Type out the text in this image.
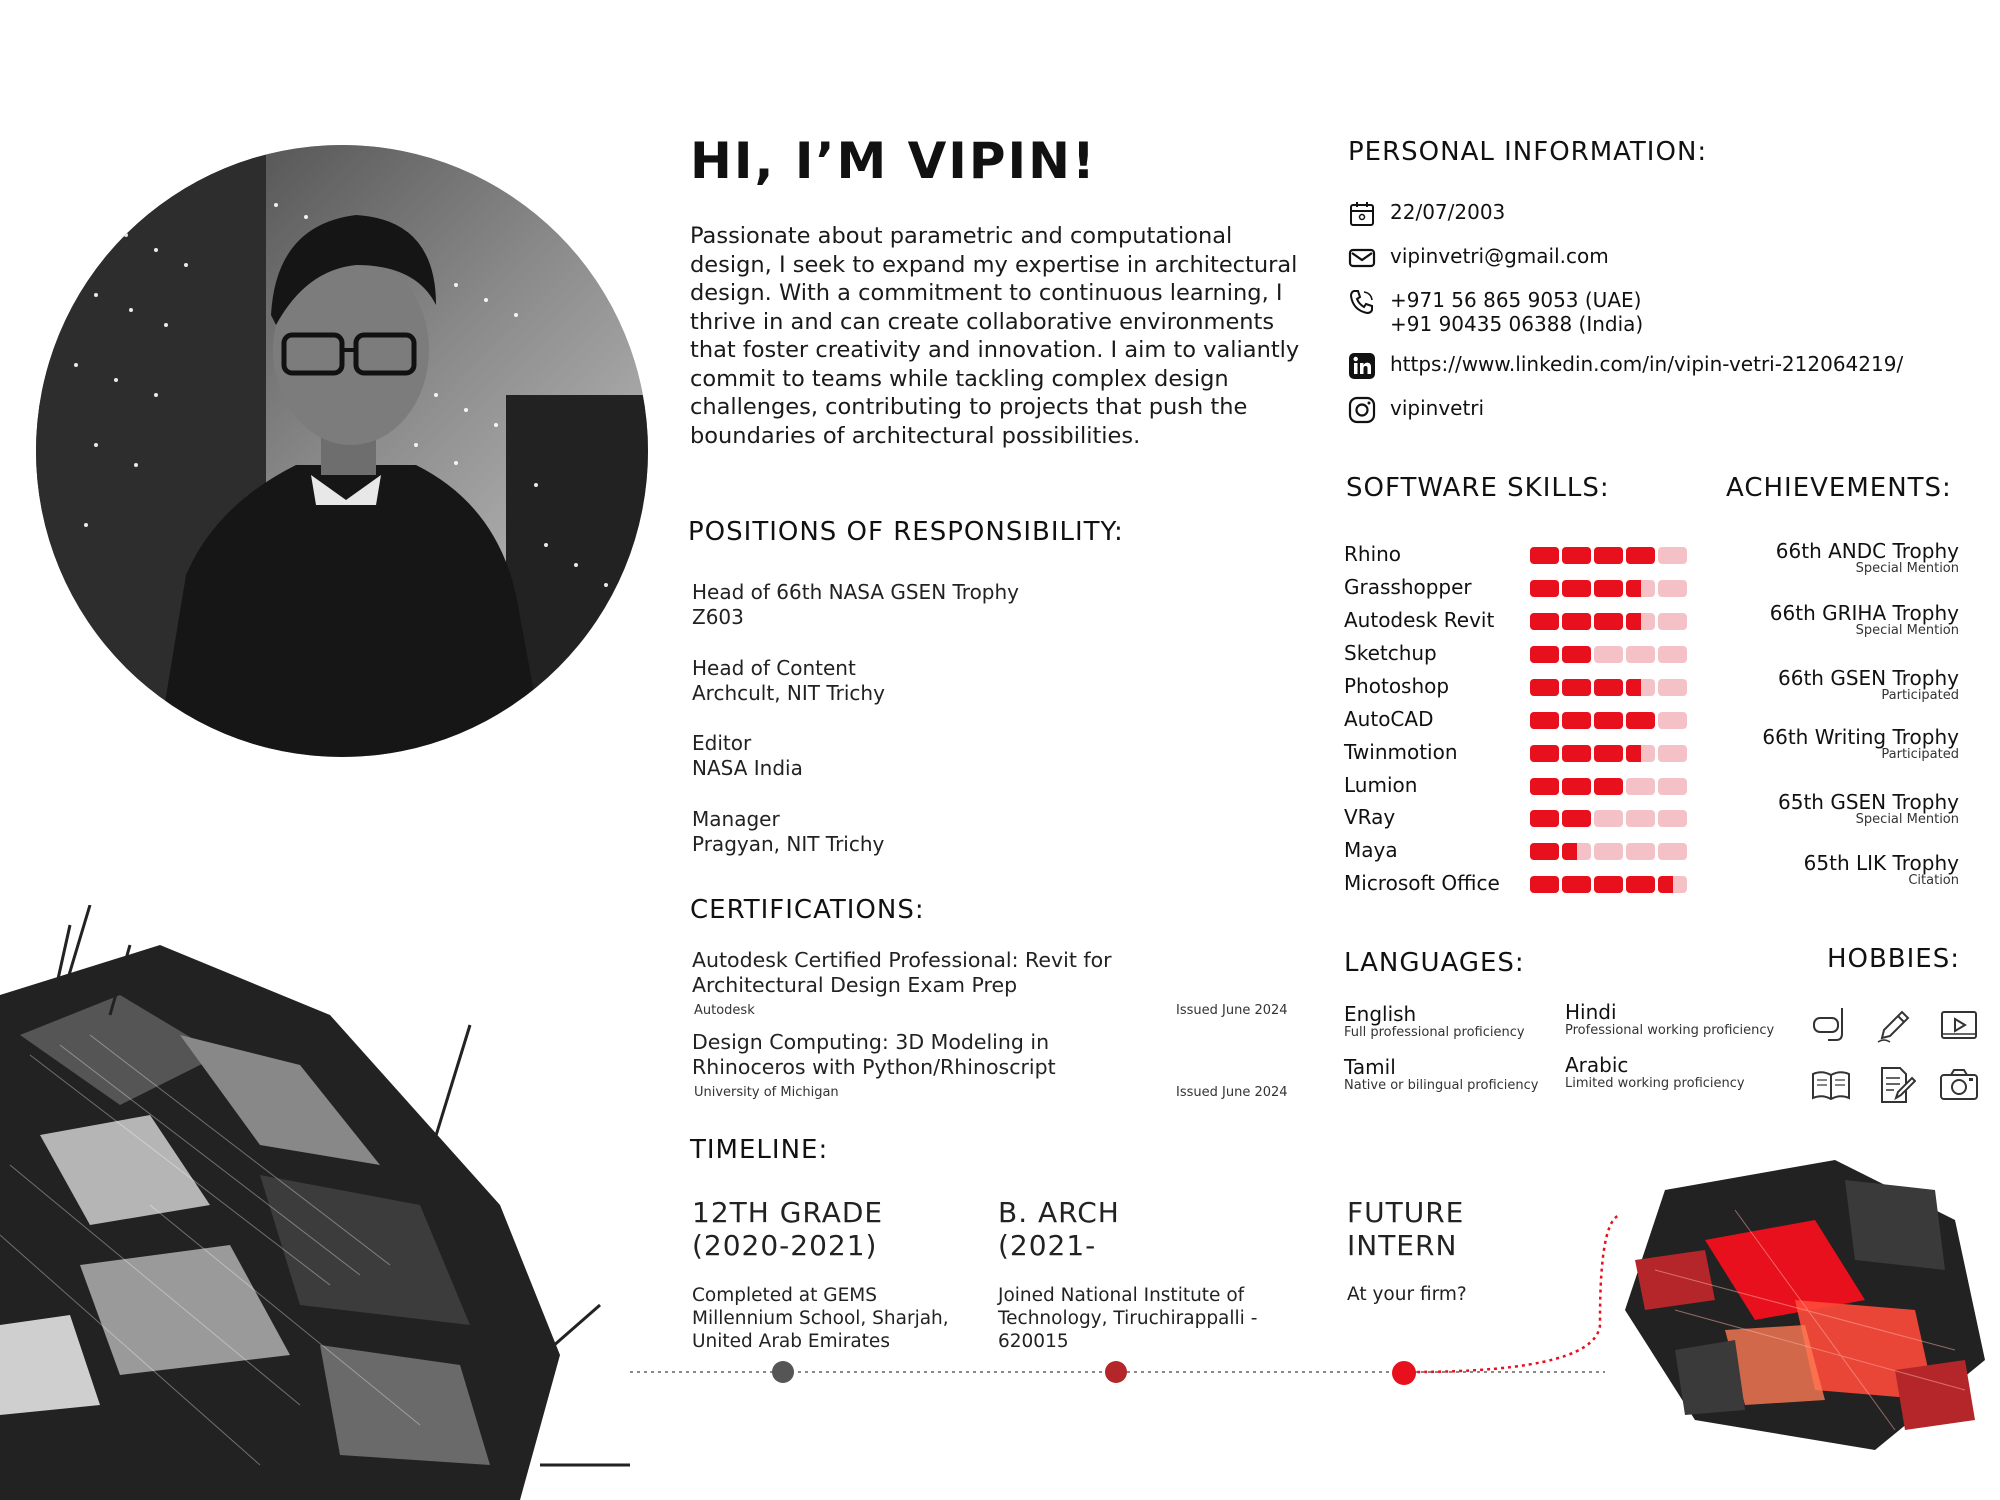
HI, I’M VIPIN!
Passionate about parametric and computational design, I seek to expand my expertise in architectural design. With a commitment to continuous learning, I thrive in and can create collaborative environments that foster creativity and innovation. I aim to valiantly commit to teams while tackling complex design challenges, contributing to projects that push the boundaries of architectural possibilities.
POSITIONS OF RESPONSIBILITY:
Head of 66th NASA GSEN Trophy
Z603
Head of Content
Archcult, NIT Trichy
Editor
NASA India
Manager
Pragyan, NIT Trichy
CERTIFICATIONS:
Autodesk Certified Professional: Revit for Architectural Design Exam Prep
Autodesk	Issued June 2024
Design Computing: 3D Modeling in Rhinoceros with Python/Rhinoscript
University of Michigan	Issued June 2024
TIMELINE:
12TH GRADE (2020-2021)
Completed at GEMS Millennium School, Sharjah, United Arab Emirates
B. ARCH (2021-
Joined National Institute of Technology, Tiruchirappalli - 620015
FUTURE INTERN
At your firm?
PERSONAL INFORMATION:
22/07/2003
vipinvetri@gmail.com
+971 56 865 9053 (UAE)
+91 90435 06388 (India)
https://www.linkedin.com/in/vipin-vetri-212064219/
vipinvetri
SOFTWARE SKILLS:
Rhino
Grasshopper
Autodesk Revit
Sketchup
Photoshop
AutoCAD
Twinmotion
Lumion
VRay
Maya
Microsoft Office
ACHIEVEMENTS:
66th ANDC Trophy
Special Mention
66th GRIHA Trophy
Special Mention
66th GSEN Trophy
Participated
66th Writing Trophy
Participated
65th GSEN Trophy
Special Mention
65th LIK Trophy
Citation
LANGUAGES:
English
Full professional proficiency
Hindi
Professional working proficiency
Tamil
Native or bilingual proficiency
Arabic
Limited working proficiency
HOBBIES:
